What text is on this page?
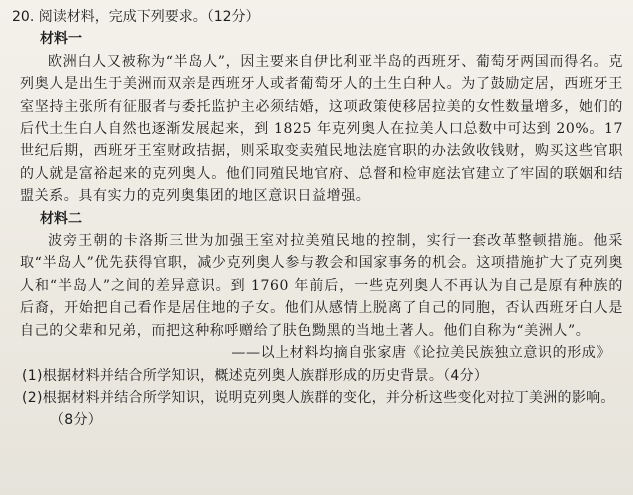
20. 阅读材料，完成下列要求。（12分）

材料一

欧洲白人又被称为“半岛人”，因主要来自伊比利亚半岛的西班牙、葡萄牙两国而得名。克列奥人是出生于美洲而双亲是西班牙人或者葡萄牙人的土生白种人。为了鼓励定居，西班牙王室坚持主张所有征服者与委托监护主必须结婚，这项政策使移居拉美的女性数量增多，她们的后代土生白人自然也逐渐发展起来，到 1825 年克列奥人在拉美人口总数中可达到 20%。17 世纪后期，西班牙王室财政拮据，则采取变卖殖民地法庭官职的办法敛收钱财，购买这些官职的人就是富裕起来的克列奥人。他们同殖民地官府、总督和检审庭法官建立了牢固的联姻和结盟关系。具有实力的克列奥集团的地区意识日益增强。

材料二

波旁王朝的卡洛斯三世为加强王室对拉美殖民地的控制，实行一套改革整顿措施。他采取“半岛人”优先获得官职，减少克列奥人参与教会和国家事务的机会。这项措施扩大了克列奥人和“半岛人”之间的差异意识。到 1760 年前后，一些克列奥人不再认为自己是原有种族的后裔，开始把自己看作是居住地的子女。他们从感情上脱离了自己的同胞，否认西班牙白人是自己的父辈和兄弟，而把这种称呼赠给了肤色黝黑的当地土著人。他们自称为“美洲人”。

——以上材料均摘自张家唐《论拉美民族独立意识的形成》

(1)根据材料并结合所学知识，概述克列奥人族群形成的历史背景。（4分）

(2)根据材料并结合所学知识，说明克列奥人族群的变化，并分析这些变化对拉丁美洲的影响。（8分）
